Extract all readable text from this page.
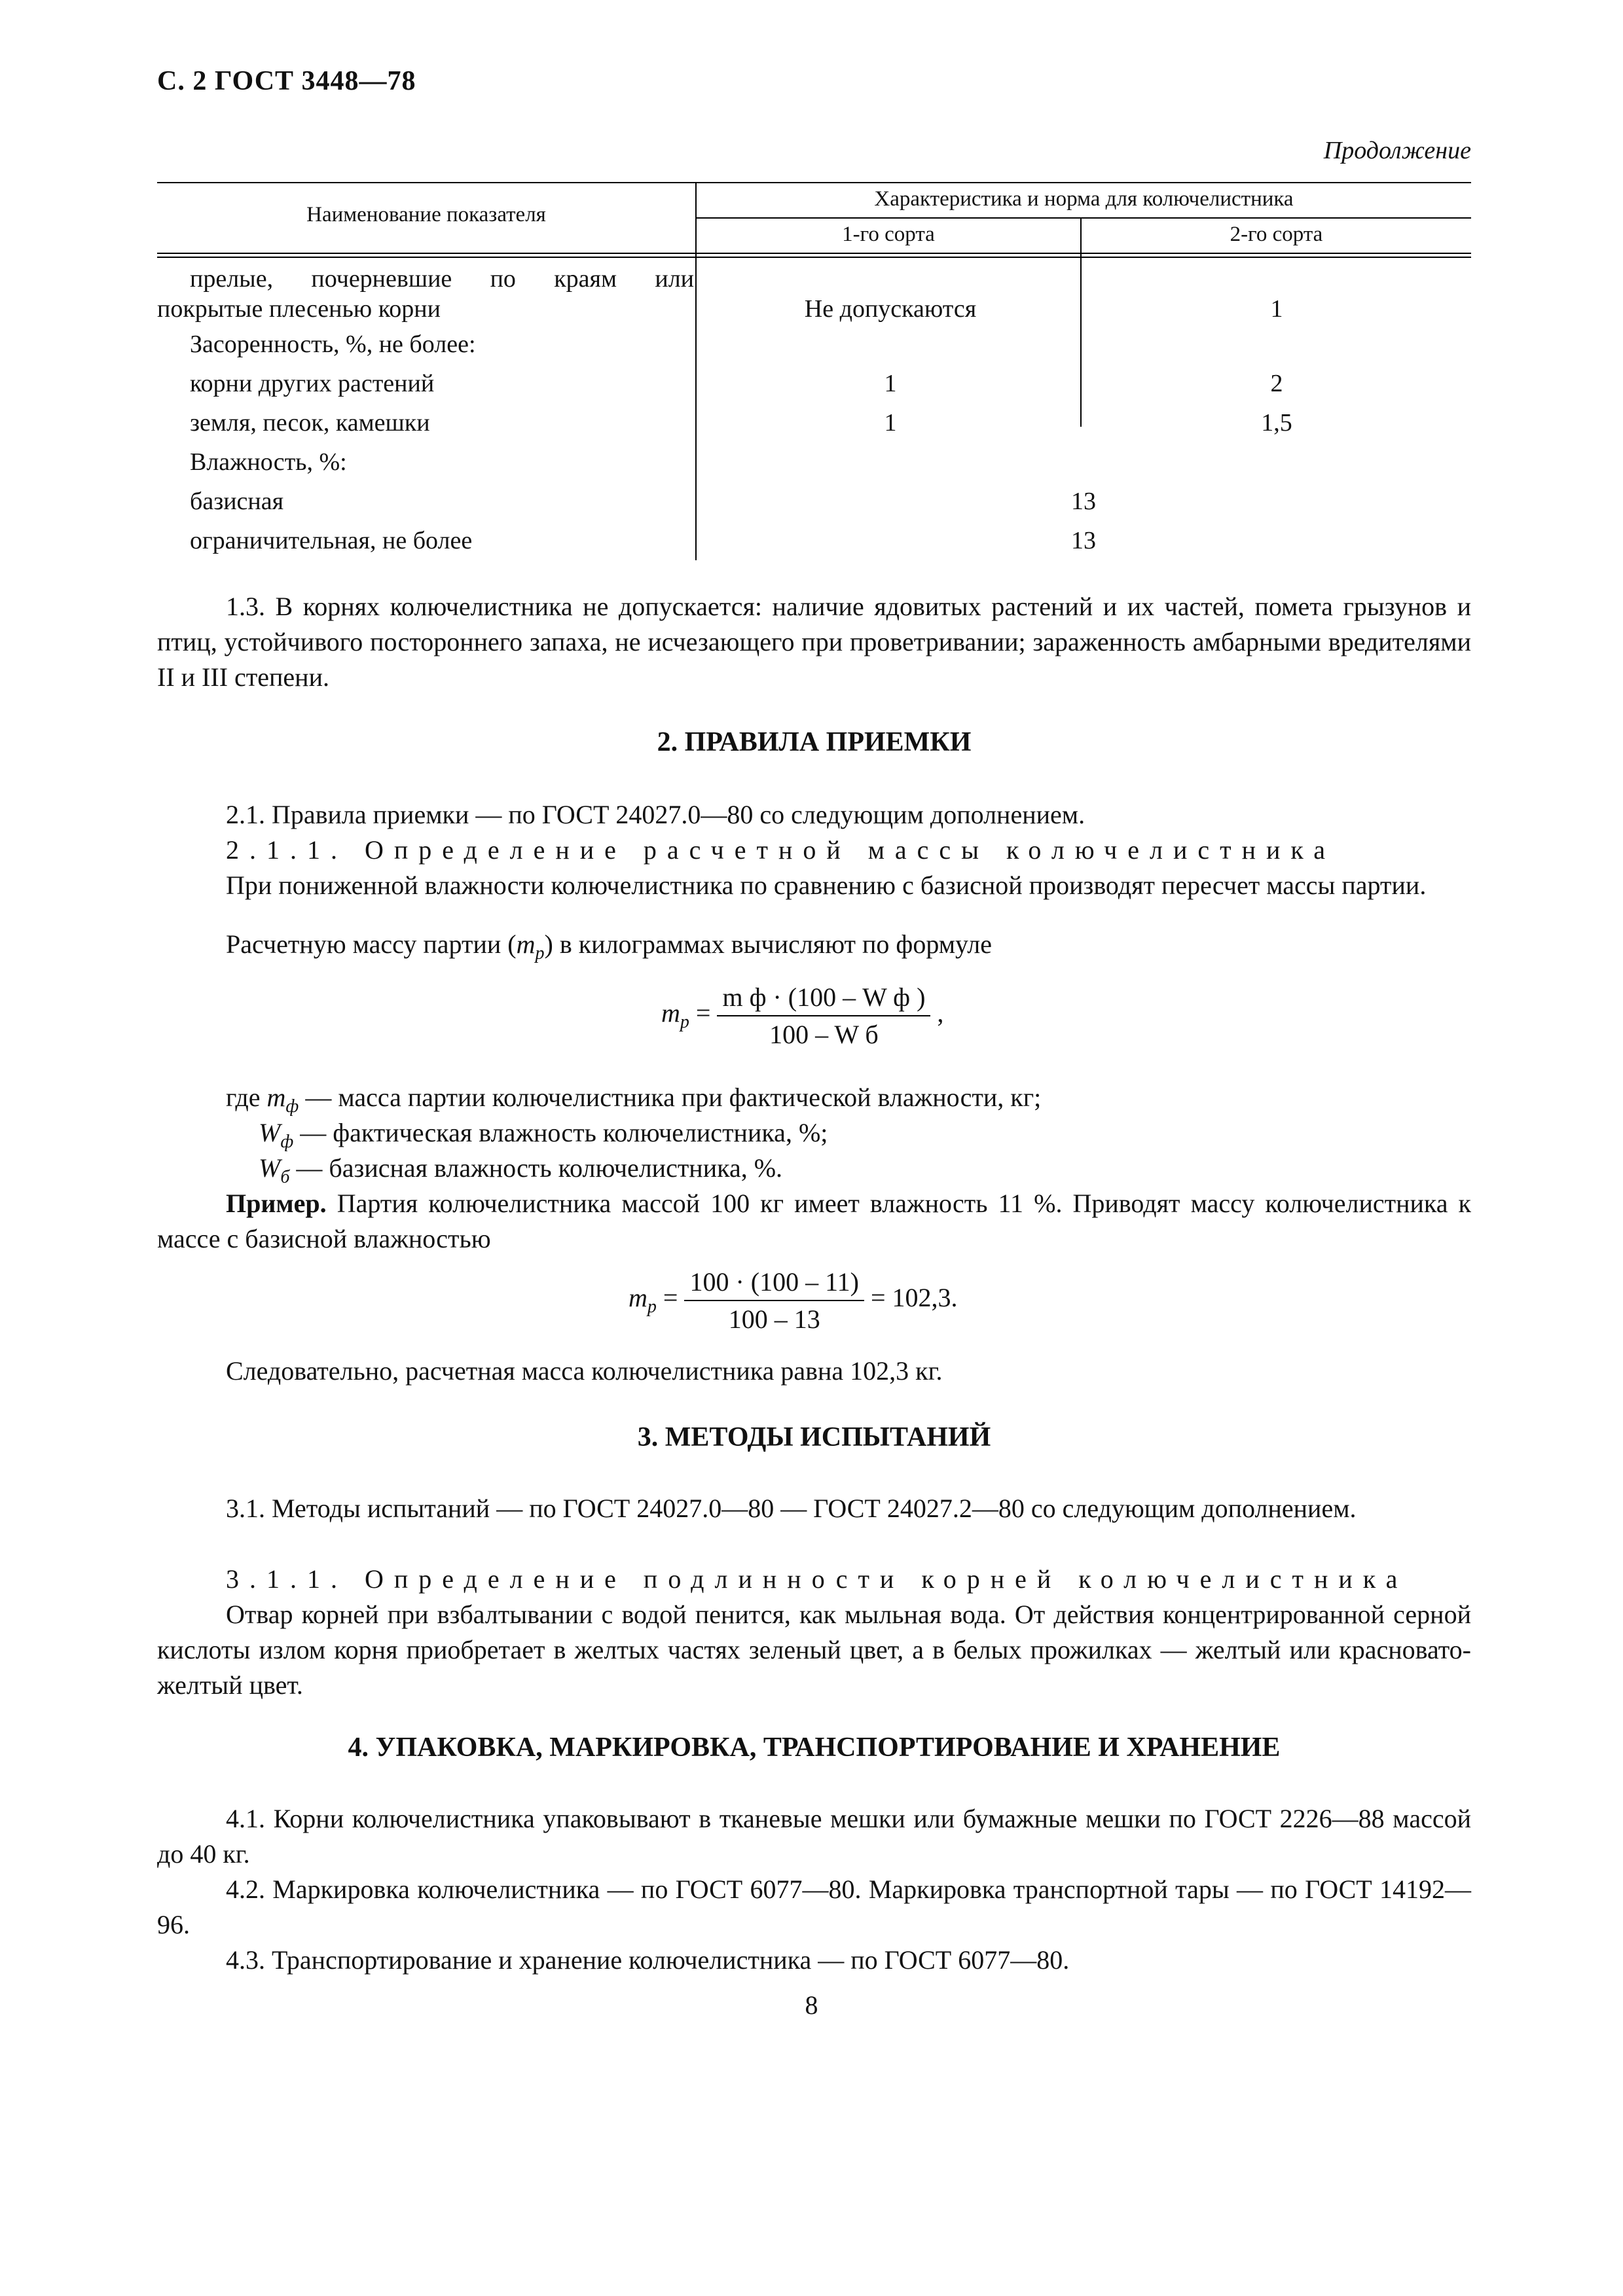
С. 2 ГОСТ 3448—78
Продолжение
Наименование показателя
Характеристика и норма для колючелистника
1-го сорта	2-го сорта
прелые, почерневшие по краям или
покрытые плесенью корни	Не допускаются	1
Засоренность, %, не более:
корни других растений	1	2
земля, песок, камешки	1	1,5
Влажность, %:
базисная	13
ограничительная, не более	13
1.3. В корнях колючелистника не допускается: наличие ядовитых растений и их частей, помета грызунов и птиц, устойчивого постороннего запаха, не исчезающего при проветривании; зараженность амбарными вредителями II и III степени.
2. ПРАВИЛА ПРИЕМКИ
2.1. Правила приемки — по ГОСТ 24027.0—80 со следующим дополнением.
2.1.1. Определение расчетной массы колючелистника
При пониженной влажности колючелистника по сравнению с базисной производят пересчет массы партии.
Расчетную массу партии $(m_р)$ в килограммах вычисляют по формуле
$m_р = \frac{\text{m ф · (100 – W ф )}}{\text{100 – W б}}$ ,
где $m_ф$ — масса партии колючелистника при фактической влажности, кг;
$W_ф$ — фактическая влажность колючелистника, %;
$W_б$ — базисная влажность колючелистника, %.
Пример. Партия колючелистника массой 100 кг имеет влажность 11 %. Приводят массу колючелистника к массе с базисной влажностью
$m_р = \frac{100 \cdot (100 - 11)}{100 - 13} = 102,3$.
Следовательно, расчетная масса колючелистника равна 102,3 кг.
3. МЕТОДЫ ИСПЫТАНИЙ
3.1. Методы испытаний — по ГОСТ 24027.0—80 — ГОСТ 24027.2—80 со следующим дополнением.
3.1.1. Определение подлинности корней колючелистника
Отвар корней при взбалтывании с водой пенится, как мыльная вода. От действия концентрированной серной кислоты излом корня приобретает в желтых частях зеленый цвет, а в белых прожилках — желтый или красновато-желтый цвет.
4. УПАКОВКА, МАРКИРОВКА, ТРАНСПОРТИРОВАНИЕ И ХРАНЕНИЕ
4.1. Корни колючелистника упаковывают в тканевые мешки или бумажные мешки по ГОСТ 2226—88 массой до 40 кг.
4.2. Маркировка колючелистника — по ГОСТ 6077—80. Маркировка транспортной тары — по ГОСТ 14192—96.
4.3. Транспортирование и хранение колючелистника — по ГОСТ 6077—80.
8
